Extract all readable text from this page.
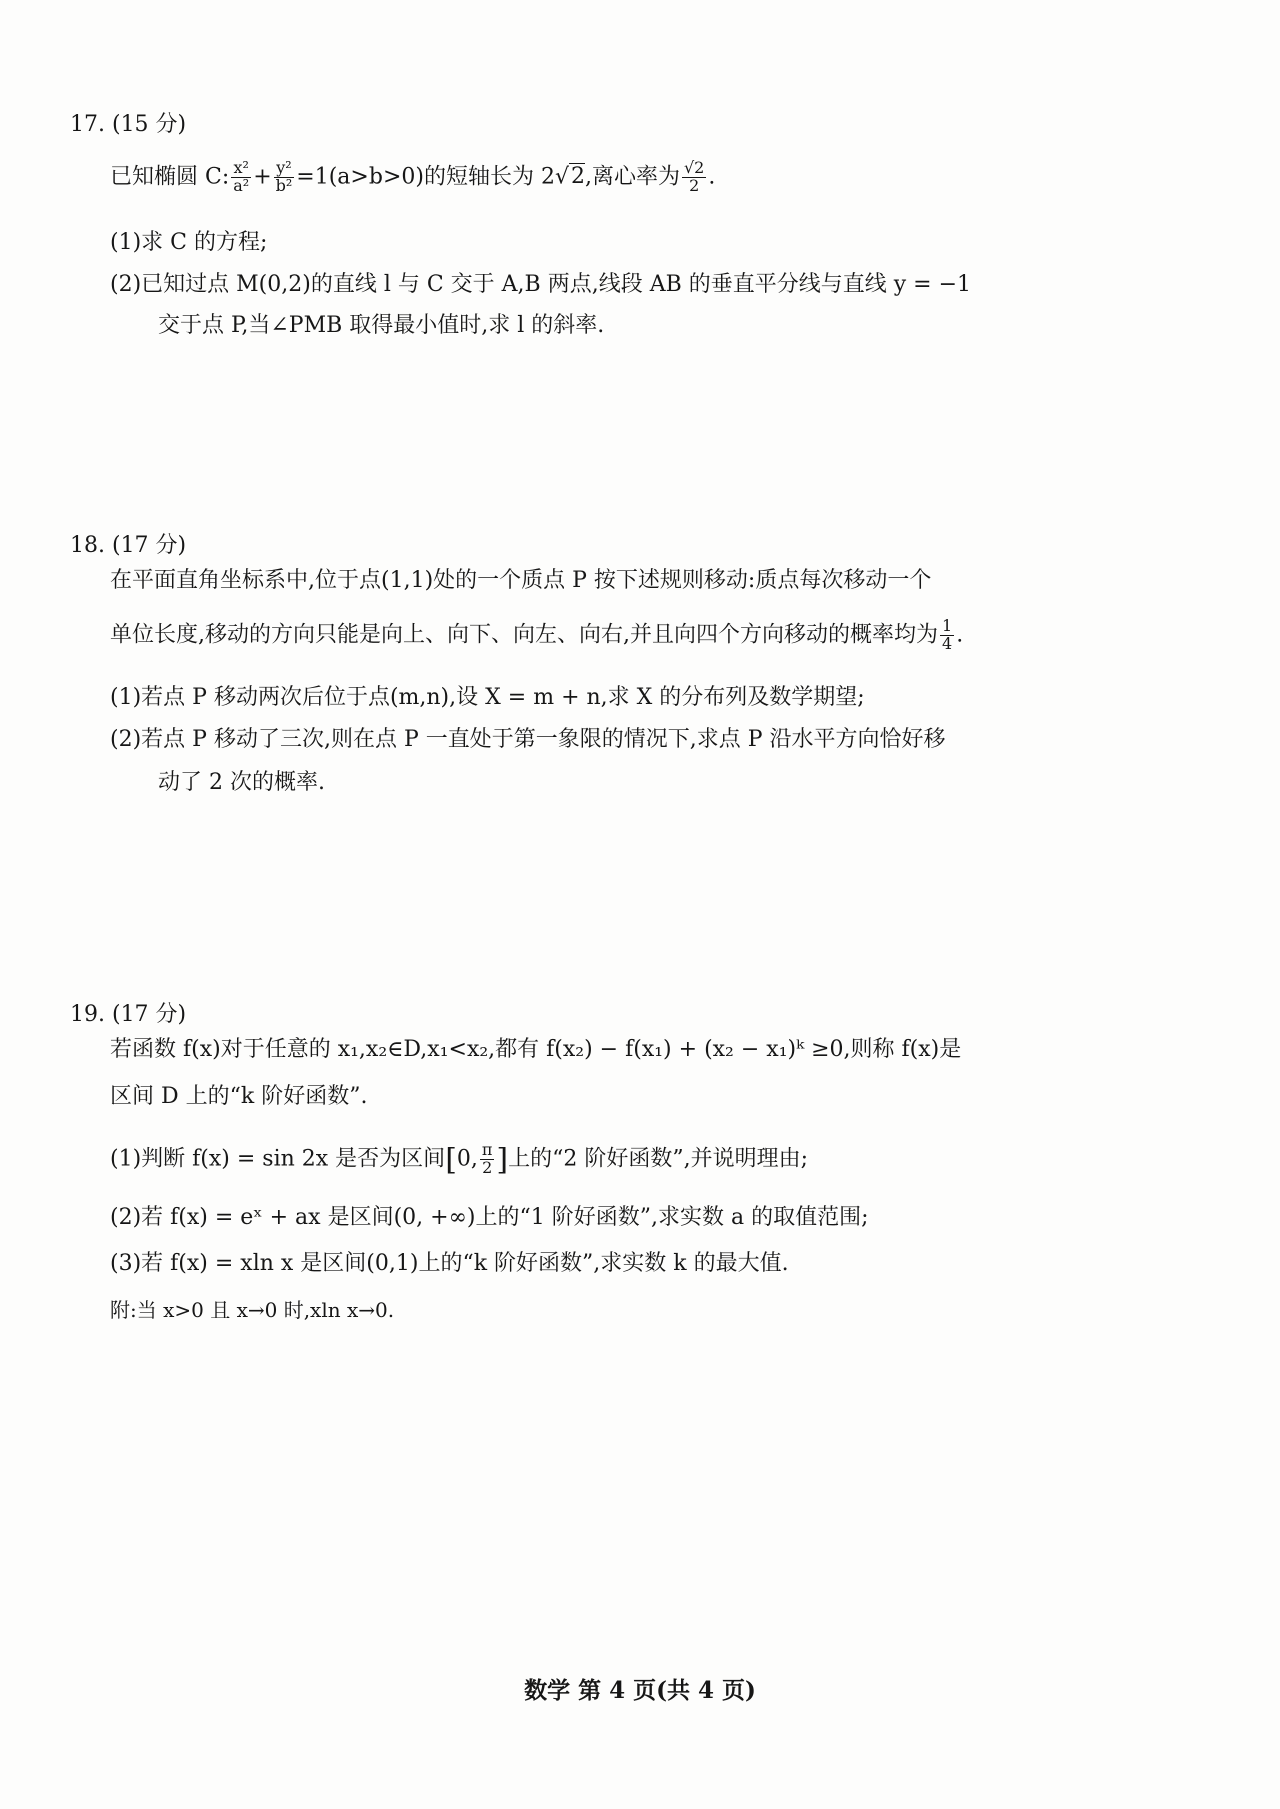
17. (15 分)
已知椭圆 C: $\frac{\text{x²}}{\text{a²}} + \frac{\text{y²}}{\text{b²}} =1(a>b>0)$的短轴长为 2√2,离心率为 $\frac{√2}{2}$ .
(1)求 C 的方程;
(2)已知过点 M(0,2)的直线 l 与 C 交于 A,B 两点,线段 AB 的垂直平分线与直线 y = −1
交于点 P,当∠PMB 取得最小值时,求 l 的斜率.
18. (17 分)
在平面直角坐标系中,位于点(1,1)处的一个质点 P 按下述规则移动:质点每次移动一个
单位长度,移动的方向只能是向上、向下、向左、向右,并且向四个方向移动的概率均为 $\frac{1}{4}$ .
(1)若点 P 移动两次后位于点(m,n),设 X = m + n,求 X 的分布列及数学期望;
(2)若点 P 移动了三次,则在点 P 一直处于第一象限的情况下,求点 P 沿水平方向恰好移
动了 2 次的概率.
19. (17 分)
若函数 f(x)对于任意的 x₁,x₂∈D,x₁<x₂,都有 f(x₂) − f(x₁) + (x₂ − x₁)ᵏ ≥0,则称 f(x)是
区间 D 上的“k 阶好函数”.
(1)判断 f(x) = sin 2x 是否为区间[0, $\frac{\pi}{2}$ ]上的“2 阶好函数”,并说明理由;
(2)若 f(x) = eˣ + ax 是区间(0, +∞)上的“1 阶好函数”,求实数 a 的取值范围;
(3)若 f(x) = xln x 是区间(0,1)上的“k 阶好函数”,求实数 k 的最大值.
附:当 x>0 且 x→0 时,xln x→0.
数学 第 4 页(共 4 页)
